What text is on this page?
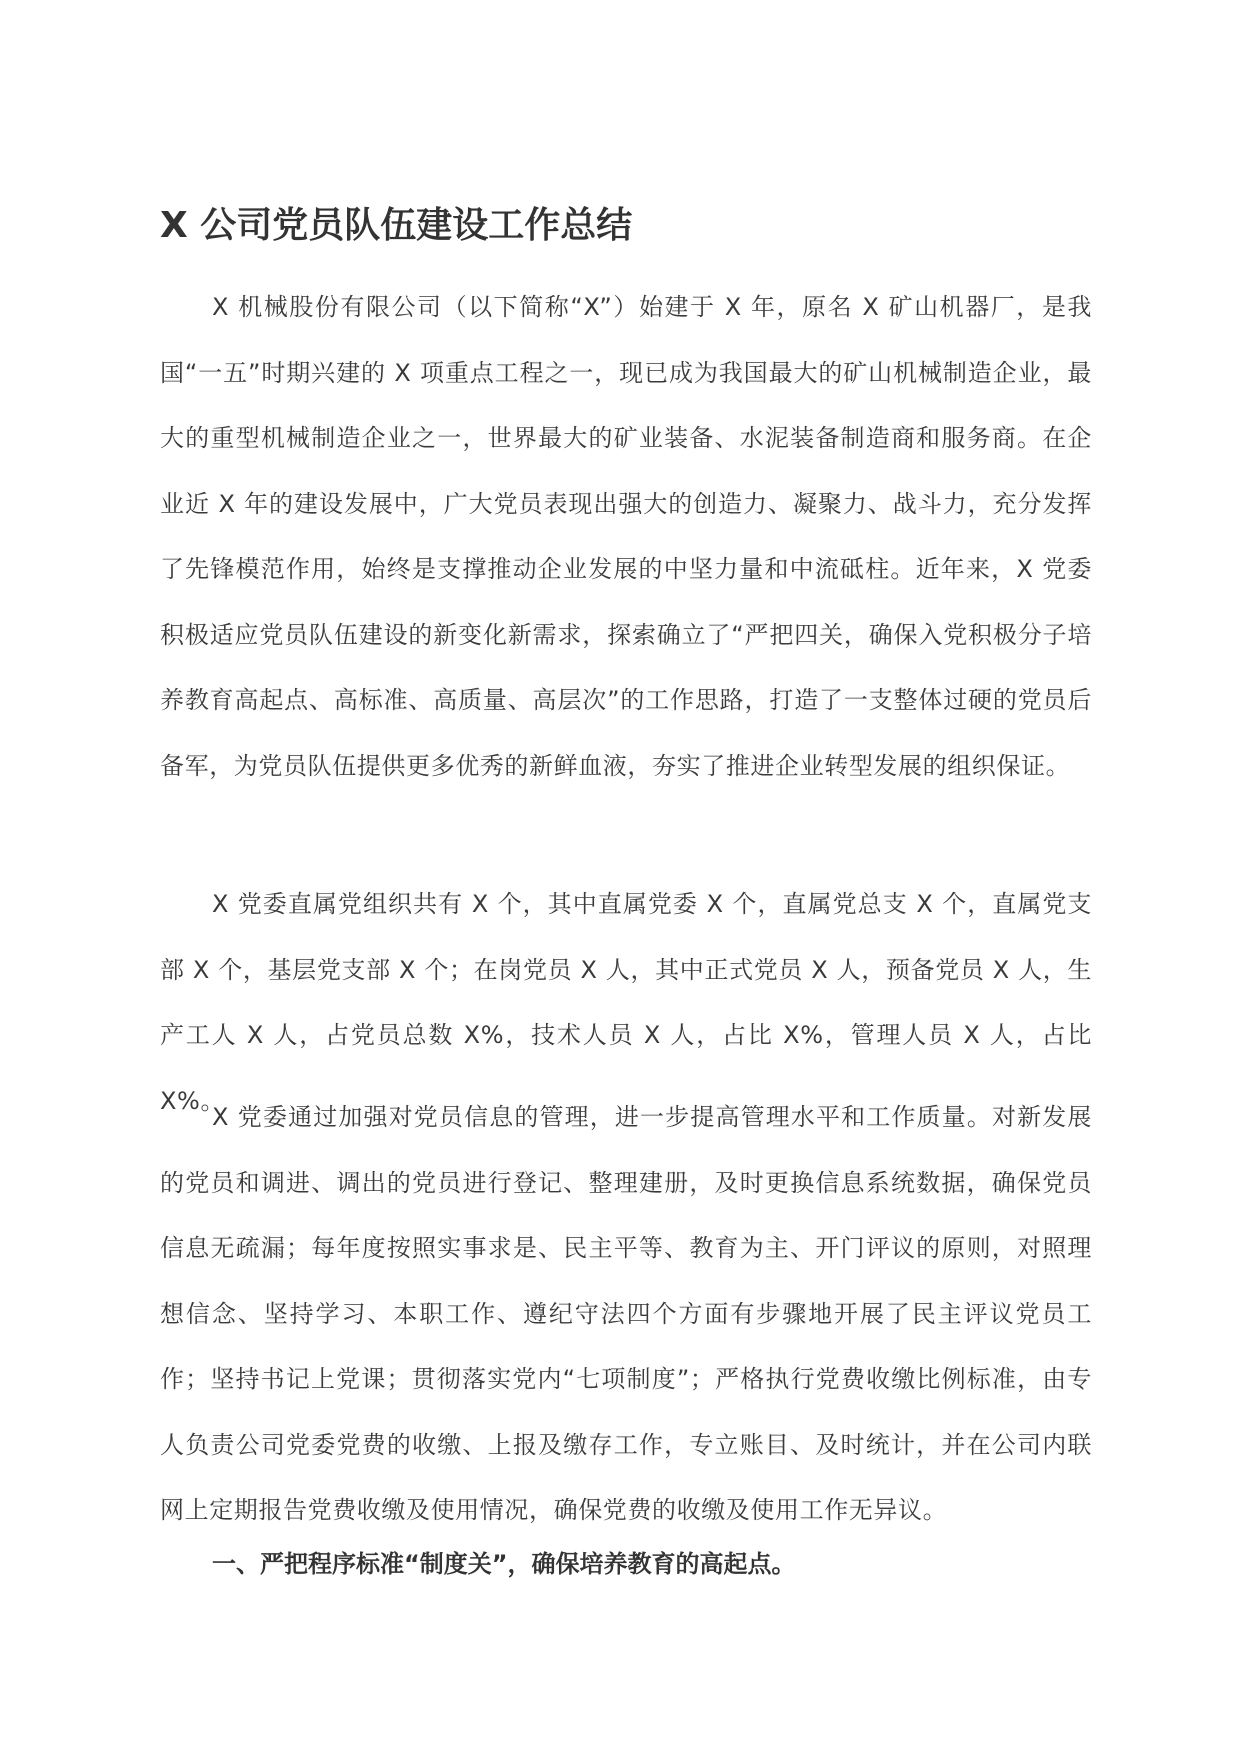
X 公司党员队伍建设工作总结

X 机械股份有限公司（以下简称“X”）始建于 X 年，原名 X 矿山机器厂，是我国“一五”时期兴建的 X 项重点工程之一，现已成为我国最大的矿山机械制造企业，最大的重型机械制造企业之一，世界最大的矿业装备、水泥装备制造商和服务商。在企业近 X 年的建设发展中，广大党员表现出强大的创造力、凝聚力、战斗力，充分发挥了先锋模范作用，始终是支撑推动企业发展的中坚力量和中流砥柱。近年来，X 党委积极适应党员队伍建设的新变化新需求，探索确立了“严把四关，确保入党积极分子培养教育高起点、高标准、高质量、高层次”的工作思路，打造了一支整体过硬的党员后备军，为党员队伍提供更多优秀的新鲜血液，夯实了推进企业转型发展的组织保证。

X 党委直属党组织共有 X 个，其中直属党委 X 个，直属党总支 X 个，直属党支部 X 个，基层党支部 X 个；在岗党员 X 人，其中正式党员 X 人，预备党员 X 人，生产工人 X 人，占党员总数 X%，技术人员 X 人，占比 X%，管理人员 X 人，占比 X%。

X 党委通过加强对党员信息的管理，进一步提高管理水平和工作质量。对新发展的党员和调进、调出的党员进行登记、整理建册，及时更换信息系统数据，确保党员信息无疏漏；每年度按照实事求是、民主平等、教育为主、开门评议的原则，对照理想信念、坚持学习、本职工作、遵纪守法四个方面有步骤地开展了民主评议党员工作；坚持书记上党课；贯彻落实党内“七项制度”；严格执行党费收缴比例标准，由专人负责公司党委党费的收缴、上报及缴存工作，专立账目、及时统计，并在公司内联网上定期报告党费收缴及使用情况，确保党费的收缴及使用工作无异议。

一、严把程序标准“制度关”，确保培养教育的高起点。
